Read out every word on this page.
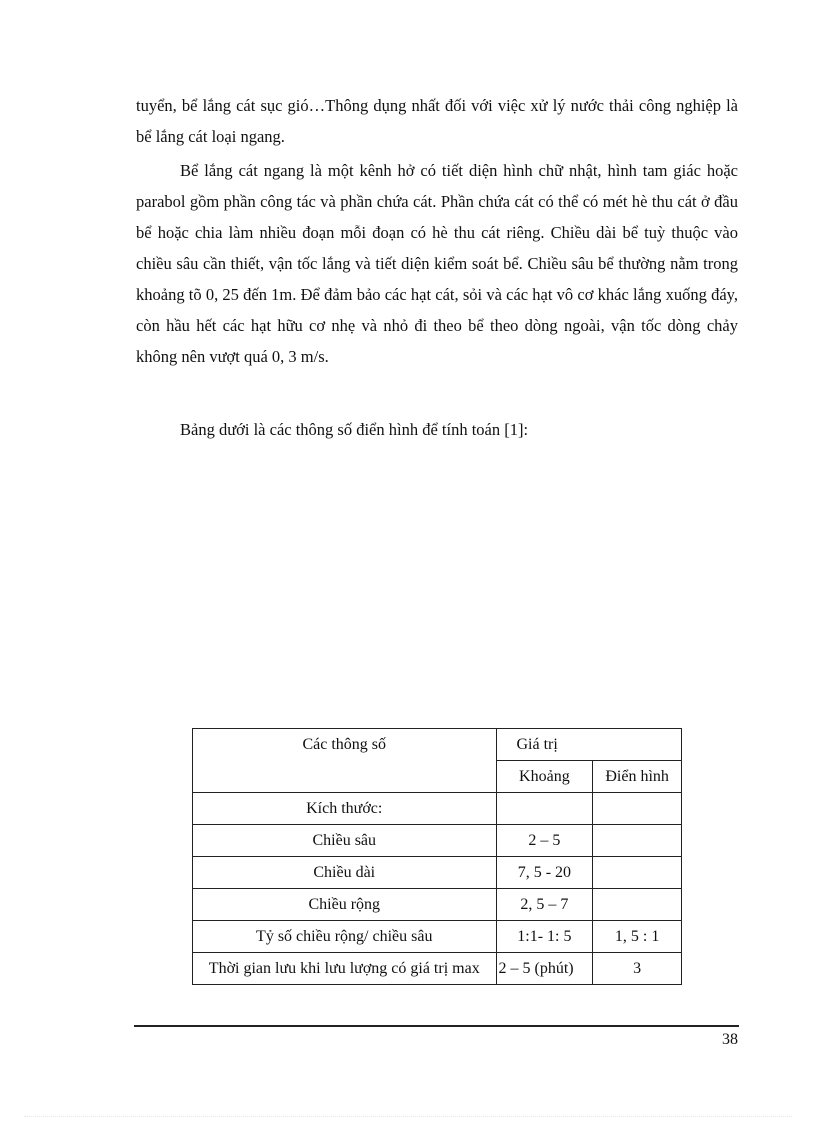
tuyển, bể lắng cát sục gió…Thông dụng nhất đối với việc xử lý nước thải công nghiệp là bể lắng cát loại ngang.

Bể lắng cát ngang là một kênh hở có tiết diện hình chữ nhật, hình tam giác hoặc parabol gồm phần công tác và phần chứa cát. Phần chứa cát có thể có mét hè thu cát ở đầu bể hoặc chia làm nhiều đoạn mỗi đoạn có hè thu cát riêng. Chiều dài bể tuỳ thuộc vào chiều sâu cần thiết, vận tốc lắng và tiết diện kiểm soát bể. Chiều sâu bể thường nằm trong khoảng tõ 0, 25 đến 1m. Để đảm bảo các hạt cát, sỏi và các hạt vô cơ khác lắng xuống đáy, còn hầu hết các hạt hữu cơ nhẹ và nhỏ đi theo bể theo dòng ngoài, vận tốc dòng chảy không nên vượt quá 0, 3 m/s.

Bảng dưới là các thông số điển hình để tính toán [1]:

Các thông số	Giá trị	
	Khoảng	Điển hình
Kích thước:		
Chiều sâu	2 – 5	
Chiều dài	7, 5 - 20	
Chiều rộng	2, 5 – 7	
Tỷ số chiều rộng/ chiều sâu	1:1- 1: 5	1, 5 : 1
Thời gian lưu khi lưu lượng có giá trị max	2 – 5 (phút)	3
38
